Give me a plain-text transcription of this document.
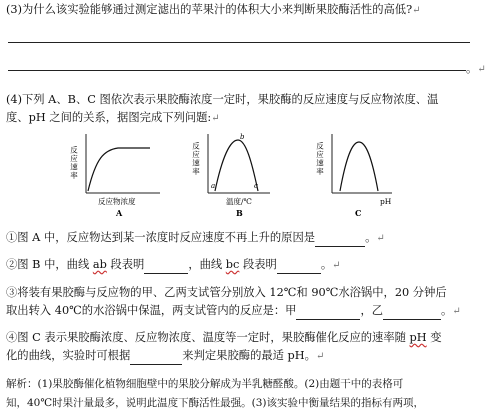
(3)为什么该实验能够通过测定滤出的苹果汁的体积大小来判断果胶酶活性的高低?↵
。↵
(4)下列 A、B、C 图依次表示果胶酶浓度一定时，果胶酶的反应速度与反应物浓度、温
度、pH 之间的关系，据图完成下列问题:↵
反应速率
反应物浓度
A
反应速率
a
b
c
温度/℃
B
反应速率
pH
C
①图 A 中，反应物达到某一浓度时反应速度不再上升的原因是	。↵
②图 B 中，曲线 ab 段表明	，曲线 bc 段表明	。↵
③将装有果胶酶与反应物的甲、乙两支试管分别放入 12℃和 90℃水浴锅中，20 分钟后
取出转入 40℃的水浴锅中保温，两支试管内的反应是：甲	，乙	。↵
④图 C 表示果胶酶浓度、反应物浓度、温度等一定时，果胶酶催化反应的速率随 pH 变
化的曲线，实验时可根据	来判定果胶酶的最适 pH。↵
解析：(1)果胶酶催化植物细胞壁中的果胶分解成为半乳糖醛酸。(2)由题干中的表格可
知，40℃时果汁量最多，说明此温度下酶活性最强。(3)该实验中衡量结果的指标有两项，
